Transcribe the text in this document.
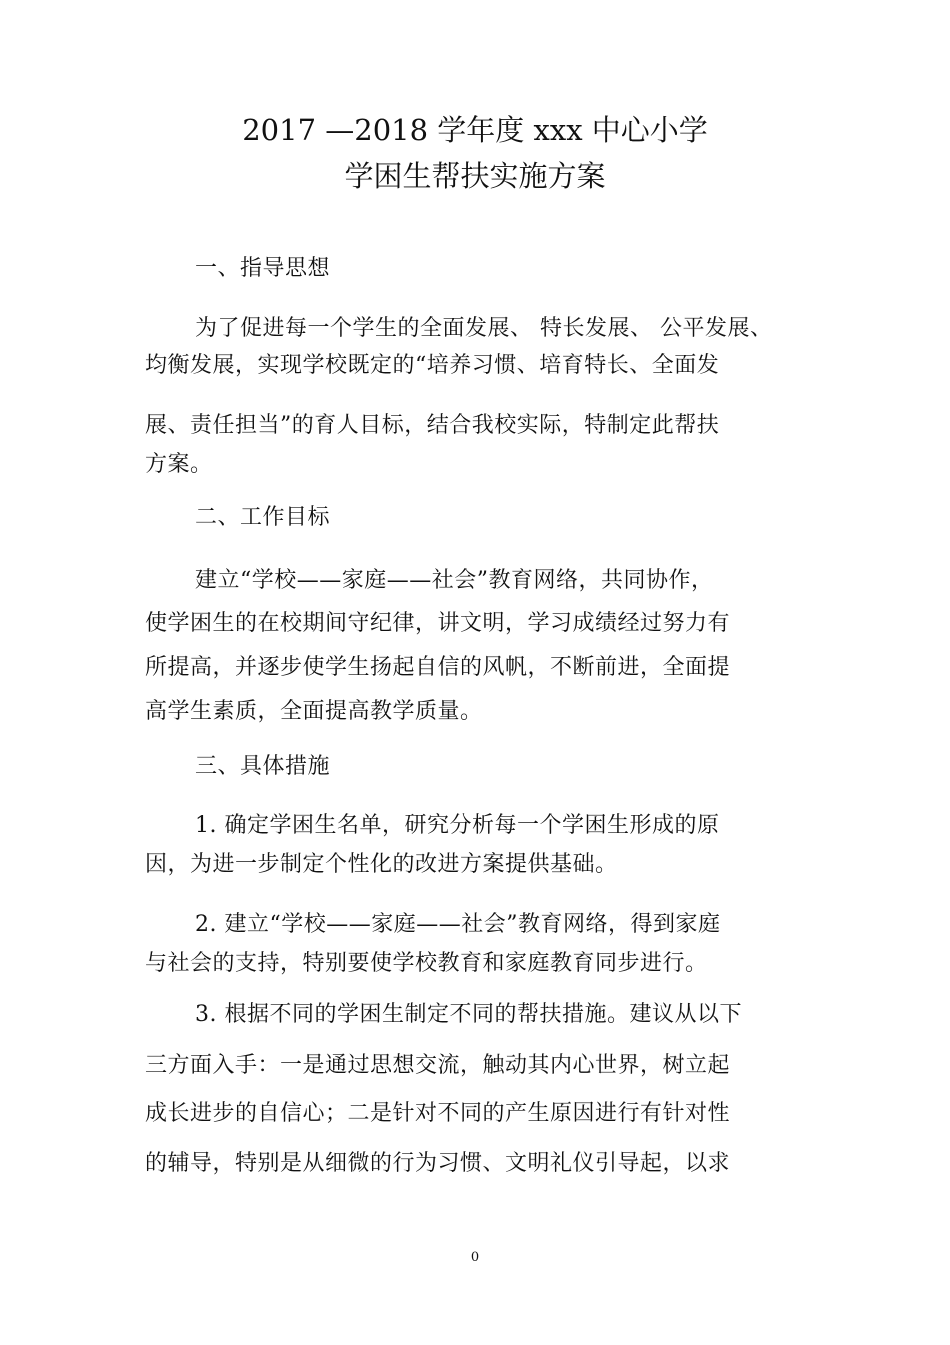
2017 —2018 学年度 xxx 中心小学
学困生帮扶实施方案
一、指导思想
为了促进每一个学生的全面发展、 特长发展、 公平发展、
均衡发展，实现学校既定的“培养习惯、培育特长、全面发
展、责任担当”的育人目标，结合我校实际，特制定此帮扶
方案。
二、工作目标
建立“学校——家庭——社会”教育网络，共同协作，
使学困生的在校期间守纪律，讲文明，学习成绩经过努力有
所提高，并逐步使学生扬起自信的风帆，不断前进，全面提
高学生素质，全面提高教学质量。
三、具体措施
1. 确定学困生名单，研究分析每一个学困生形成的原
因，为进一步制定个性化的改进方案提供基础。
2. 建立“学校——家庭——社会”教育网络，得到家庭
与社会的支持，特别要使学校教育和家庭教育同步进行。
3. 根据不同的学困生制定不同的帮扶措施。建议从以下
三方面入手：一是通过思想交流，触动其内心世界，树立起
成长进步的自信心；二是针对不同的产生原因进行有针对性
的辅导，特别是从细微的行为习惯、文明礼仪引导起，以求
0
